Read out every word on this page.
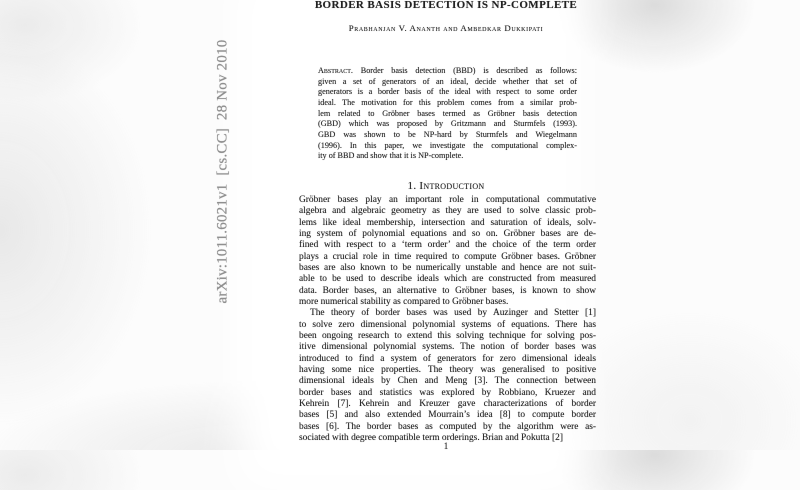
arXiv:1011.6021v1  [cs.CC]  28 Nov 2010
BORDER BASIS DETECTION IS NP-COMPLETE
Prabhanjan V. Ananth and Ambedkar Dukkipati
Abstract. Border basis detection (BBD) is described as follows:
given a set of generators of an ideal, decide whether that set of
generators is a border basis of the ideal with respect to some order
ideal. The motivation for this problem comes from a similar prob-
lem related to Gröbner bases termed as Gröbner basis detection
(GBD) which was proposed by Gritzmann and Sturmfels (1993).
GBD was shown to be NP-hard by Sturmfels and Wiegelmann
(1996). In this paper, we investigate the computational complex-
ity of BBD and show that it is NP-complete.
1. Introduction
Gröbner bases play an important role in computational commutative
algebra and algebraic geometry as they are used to solve classic prob-
lems like ideal membership, intersection and saturation of ideals, solv-
ing system of polynomial equations and so on. Gröbner bases are de-
fined with respect to a ‘term order’ and the choice of the term order
plays a crucial role in time required to compute Gröbner bases. Gröbner
bases are also known to be numerically unstable and hence are not suit-
able to be used to describe ideals which are constructed from measured
data. Border bases, an alternative to Gröbner bases, is known to show
more numerical stability as compared to Gröbner bases.
The theory of border bases was used by Auzinger and Stetter [1]
to solve zero dimensional polynomial systems of equations. There has
been ongoing research to extend this solving technique for solving pos-
itive dimensional polynomial systems. The notion of border bases was
introduced to find a system of generators for zero dimensional ideals
having some nice properties. The theory was generalised to positive
dimensional ideals by Chen and Meng [3]. The connection between
border bases and statistics was explored by Robbiano, Kruezer and
Kehrein [7]. Kehrein and Kreuzer gave characterizations of border
bases [5] and also extended Mourrain’s idea [8] to compute border
bases [6]. The border bases as computed by the algorithm were as-
sociated with degree compatible term orderings. Brian and Pokutta [2]
1
